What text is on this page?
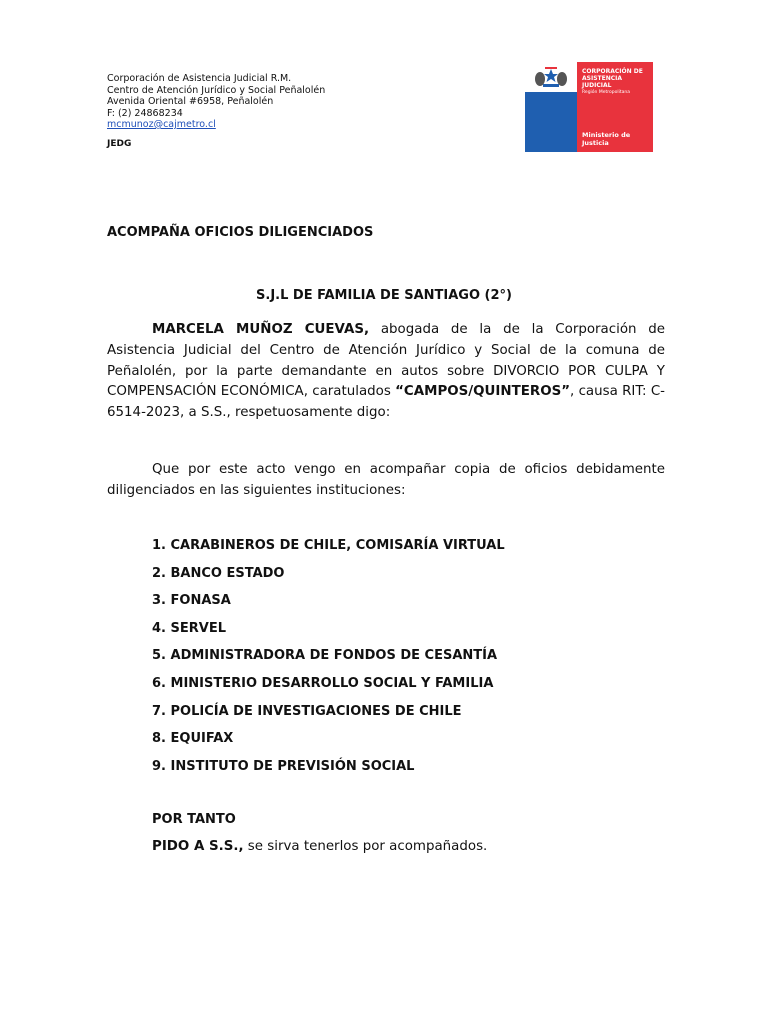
Corporación de Asistencia Judicial R.M.
Centro de Atención Jurídico y Social Peñalolén
Avenida Oriental #6958, Peñalolén
F: (2) 24868234
mcmunoz@cajmetro.cl
JEDG
CORPORACIÓN DE
ASISTENCIA
JUDICIAL
Región Metropolitana
Ministerio de
Justicia
ACOMPAÑA OFICIOS DILIGENCIADOS
S.J.L DE FAMILIA DE SANTIAGO (2°)
MARCELA MUÑOZ CUEVAS, abogada de la de la Corporación de Asistencia Judicial del Centro de Atención Jurídico y Social de la comuna de Peñalolén, por la parte demandante en autos sobre DIVORCIO POR CULPA Y COMPENSACIÓN ECONÓMICA, caratulados “CAMPOS/QUINTEROS”, causa RIT: C-6514-2023, a S.S., respetuosamente digo:
Que por este acto vengo en acompañar copia de oficios debidamente diligenciados en las siguientes instituciones:
1. CARABINEROS DE CHILE, COMISARÍA VIRTUAL
2. BANCO ESTADO
3. FONASA
4. SERVEL
5. ADMINISTRADORA DE FONDOS DE CESANTÍA
6. MINISTERIO DESARROLLO SOCIAL Y FAMILIA
7. POLICÍA DE INVESTIGACIONES DE CHILE
8. EQUIFAX
9. INSTITUTO DE PREVISIÓN SOCIAL
POR TANTO
PIDO A S.S., se sirva tenerlos por acompañados.
